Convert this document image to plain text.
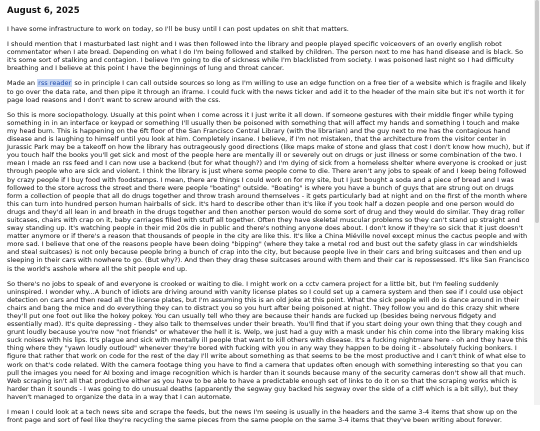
August 6, 2025

I have some infrastructure to work on today, so I'll be busy until I can post updates on shit that matters.

I should mention that I masturbated last night and I was then followed into the library and people played specific voiceovers of an overly english robot commentator when I ate bread. Depending on what I do I'm being followed and stalked by children. The person next to me has hand disease and is black. So it's some sort of stalking and contagion. I believe I'm going to die of sickness while I'm blacklisted from society. I was poisoned last night so I had difficulty breathing and I believe at this point I have the beginnings of lung and throat cancer.

Made an rss reader so in principle I can call outside sources so long as I'm willing to use an edge function on a free tier of a website which is fragile and likely to go over the data rate, and then pipe it through an iframe. I could fuck with the news ticker and add it to the header of the main site but it's not worth it for page load reasons and I don't want to screw around with the css.

So this is more sociopathology. Usually at this point when I come across it I just write it all down. If someone gestures with their middle finger while typing something in in an interface or keypad or something I'll usually then be poisoned with something that will affect my hands and something I touch and make my head burn. This is happening on the 6ft floor of the San Francisco Central Library (with the librarian) and the guy next to me has the contagious hand disease and is laughing to himself until you look at him. Completely insane. I believe, if I'm not mistaken, that the architecture from the visitor center in Jurassic Park may be a takeoff on how the library has outrageously good directions (like maps make of stone and glass that cost I don't know how much), but if you touch half the books you'll get sick and most of the people here are mentally ill or severely out on drugs or just illness or some combination of the two. I mean I made an rss feed and I can now use a backend (but for what though?) and I'm dying of sick from a homeless shelter where everyone is crooked or just through people who are sick and violent. I think the library is just where some people come to die. There aren't any jobs to speak of and I keep being followed by crazy people if I buy food with foodstamps. I mean, there are things I could work on for my site, but I just bought a soda and a piece of bread and I was followed to the store across the street and there were people "boating" outside. "Boating" is where you have a bunch of guys that are strung out on drugs form a collection of people that all do drugs together and throw trash around themselves - it gets particularly bad at night and on the first of the month where this can turn into hundred person human hairballs of sick. It's hard to describe other than it's like if you took half a dozen people and one person would do drugs and they'd all lean in and breath in the drugs together and then another person would do some sort of drug and they would do similar. They drag roller suitcases, chairs with crap on it, baby carriages filled with stuff all together. Often they have skeletal muscular problems so they can't stand up straight and sway standing up. It's watching people in their mid 20s die in public and there's nothing anyone does about. I don't know if they're so sick that it just doesn't matter anymore or if there's a reason that thousands of people in the city are like this. It's like a China Miéville novel except minus the cactus people and with more sad. I believe that one of the reasons people have been doing "bipping" (where they take a metal rod and bust out the safety glass in car windshields and steal suitcases) is not only because people bring a bunch of crap into the city, but because people live in their cars and bring suitcases and then end up sleeping in their cars with nowhere to go. (But why?). And then they drag these suitcases around with them and their car is repossessed. It's like San Francisco is the world's asshole where all the shit people end up.

So there's no jobs to speak of and everyone is crooked or waiting to die. I might work on a cctv camera project for a little bit, but I'm feeling suddenly uninspired. I wonder why...A bunch of idiots are driving around with vanity license plates so I could set up a camera system and then see if I could use object detection on cars and then read all the license plates, but I'm assuming this is an old joke at this point. What the sick people will do is dance around in their chairs and bang the mice and do everything they can to distract you so you hurt after being poisoned at night. They follow you and do this crazy shit where they'll put one foot out like the hokey pokey. You can usually tell who they are because their hands are fucked up (besides being nervous fidgety and essentially mad). It's quite depressing - they also talk to themselves under their breath. You'll find that if you start doing your own thing that they cough and grunt loudly because you're now "not friends" or whatever the hell it is. Welp, we just had a guy with a mask under his chin come into the library making kiss suck noises with his lips. It's plague and sick with mentally ill people that want to kill others with disease. It's a fucking nightmare here - oh and they have this thing where they "yawn loudly outloud" whenever they're bored with fucking with you in any way they happen to be doing it - absolutely fucking bonkers. I figure that rather that work on code for the rest of the day I'll write about something as that seems to be the most productive and I can't think of what else to work on that's code related. With the camera footage thing you have to find a camera that updates often enough with something interesting so that you can pull the images you need for AI boxing and image recognition which is harder than it sounds because many of the security cameras don't show all that much. Web scraping isn't all that productive either as you have to be able to have a predictable enough set of links to do it on so that the scraping works which is harder than it sounds - I was going to do unusual deaths (apparently the segway guy backed his segway over the side of a cliff which is a bit silly), but they haven't managed to organize the data in a way that I can automate.

I mean I could look at a tech news site and scrape the feeds, but the news I'm seeing is usually in the headers and the same 3-4 items that show up on the front page and sort of feel like they're recycling the same pieces from the same people on the same 3-4 items that they've been writing about forever.
